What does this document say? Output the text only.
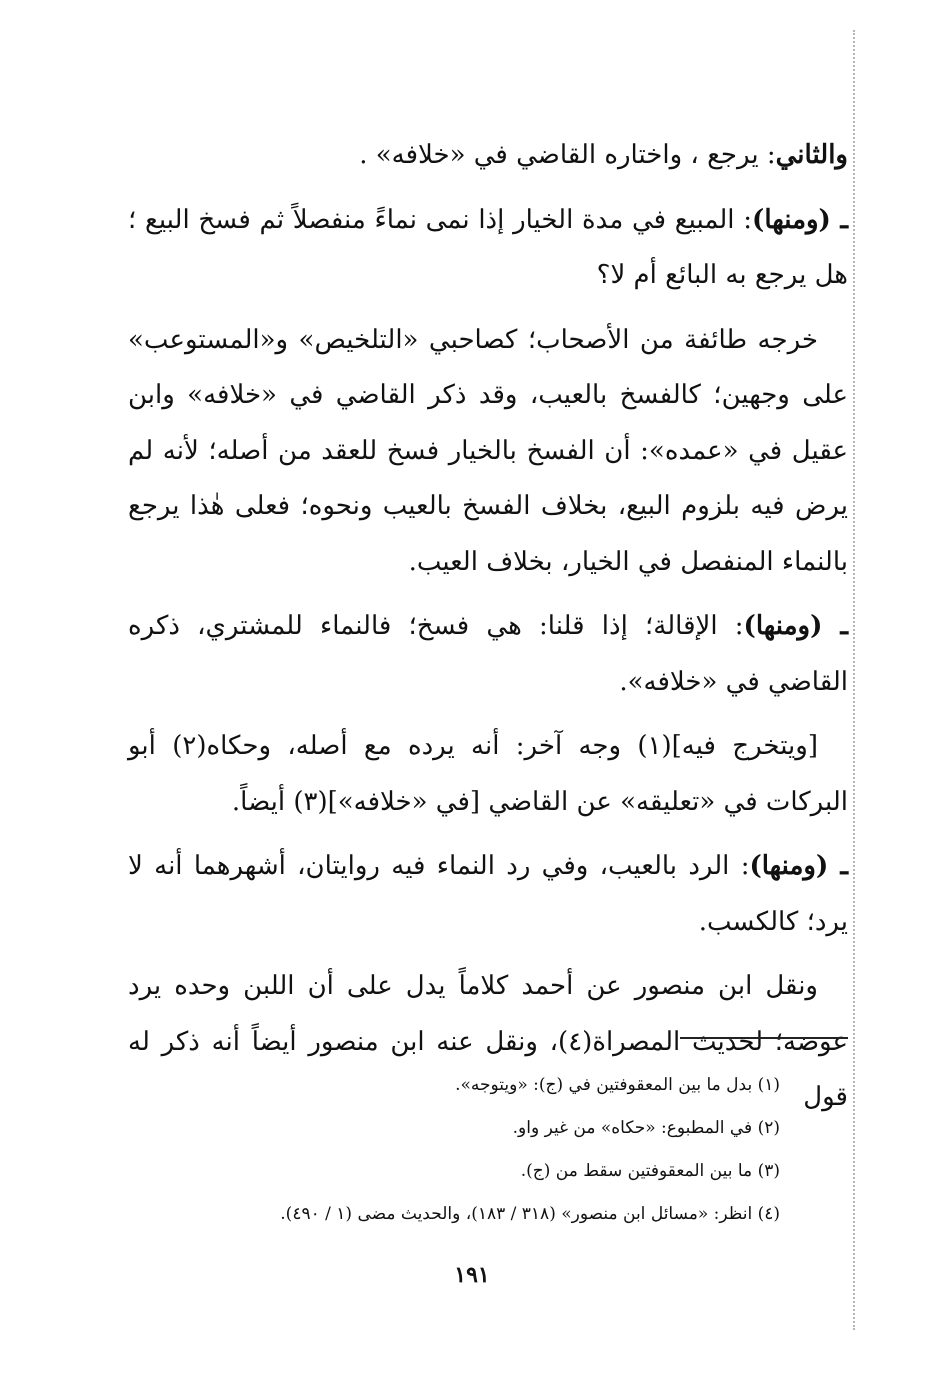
والثاني: يرجع ، واختاره القاضي في «خلافه» .

ـ (ومنها): المبيع في مدة الخيار إذا نمى نماءً منفصلاً ثم فسخ البيع ؛ هل يرجع به البائع أم لا؟

خرجه طائفة من الأصحاب؛ كصاحبي «التلخيص» و«المستوعب» على وجهين؛ كالفسخ بالعيب، وقد ذكر القاضي في «خلافه» وابن عقيل في «عمده»: أن الفسخ بالخيار فسخ للعقد من أصله؛ لأنه لم يرض فيه بلزوم البيع، بخلاف الفسخ بالعيب ونحوه؛ فعلى هٰذا يرجع بالنماء المنفصل في الخيار، بخلاف العيب.

ـ (ومنها): الإقالة؛ إذا قلنا: هي فسخ؛ فالنماء للمشتري، ذكره القاضي في «خلافه».

[ويتخرج فيه](١) وجه آخر: أنه يرده مع أصله، وحكاه(٢) أبو البركات في «تعليقه» عن القاضي [في «خلافه»](٣) أيضاً.

ـ (ومنها): الرد بالعيب، وفي رد النماء فيه روايتان، أشهرهما أنه لا يرد؛ كالكسب.

ونقل ابن منصور عن أحمد كلاماً يدل على أن اللبن وحده يرد عوضه؛ لحديث المصراة(٤)، ونقل عنه ابن منصور أيضاً أنه ذكر له قول

(١) بدل ما بين المعقوفتين في (ج): «ويتوجه».

(٢) في المطبوع: «حكاه» من غير واو.

(٣) ما بين المعقوفتين سقط من (ج).

(٤) انظر: «مسائل ابن منصور» (٣١٨ / ١٨٣)، والحديث مضى (١ / ٤٩٠).

١٩١
